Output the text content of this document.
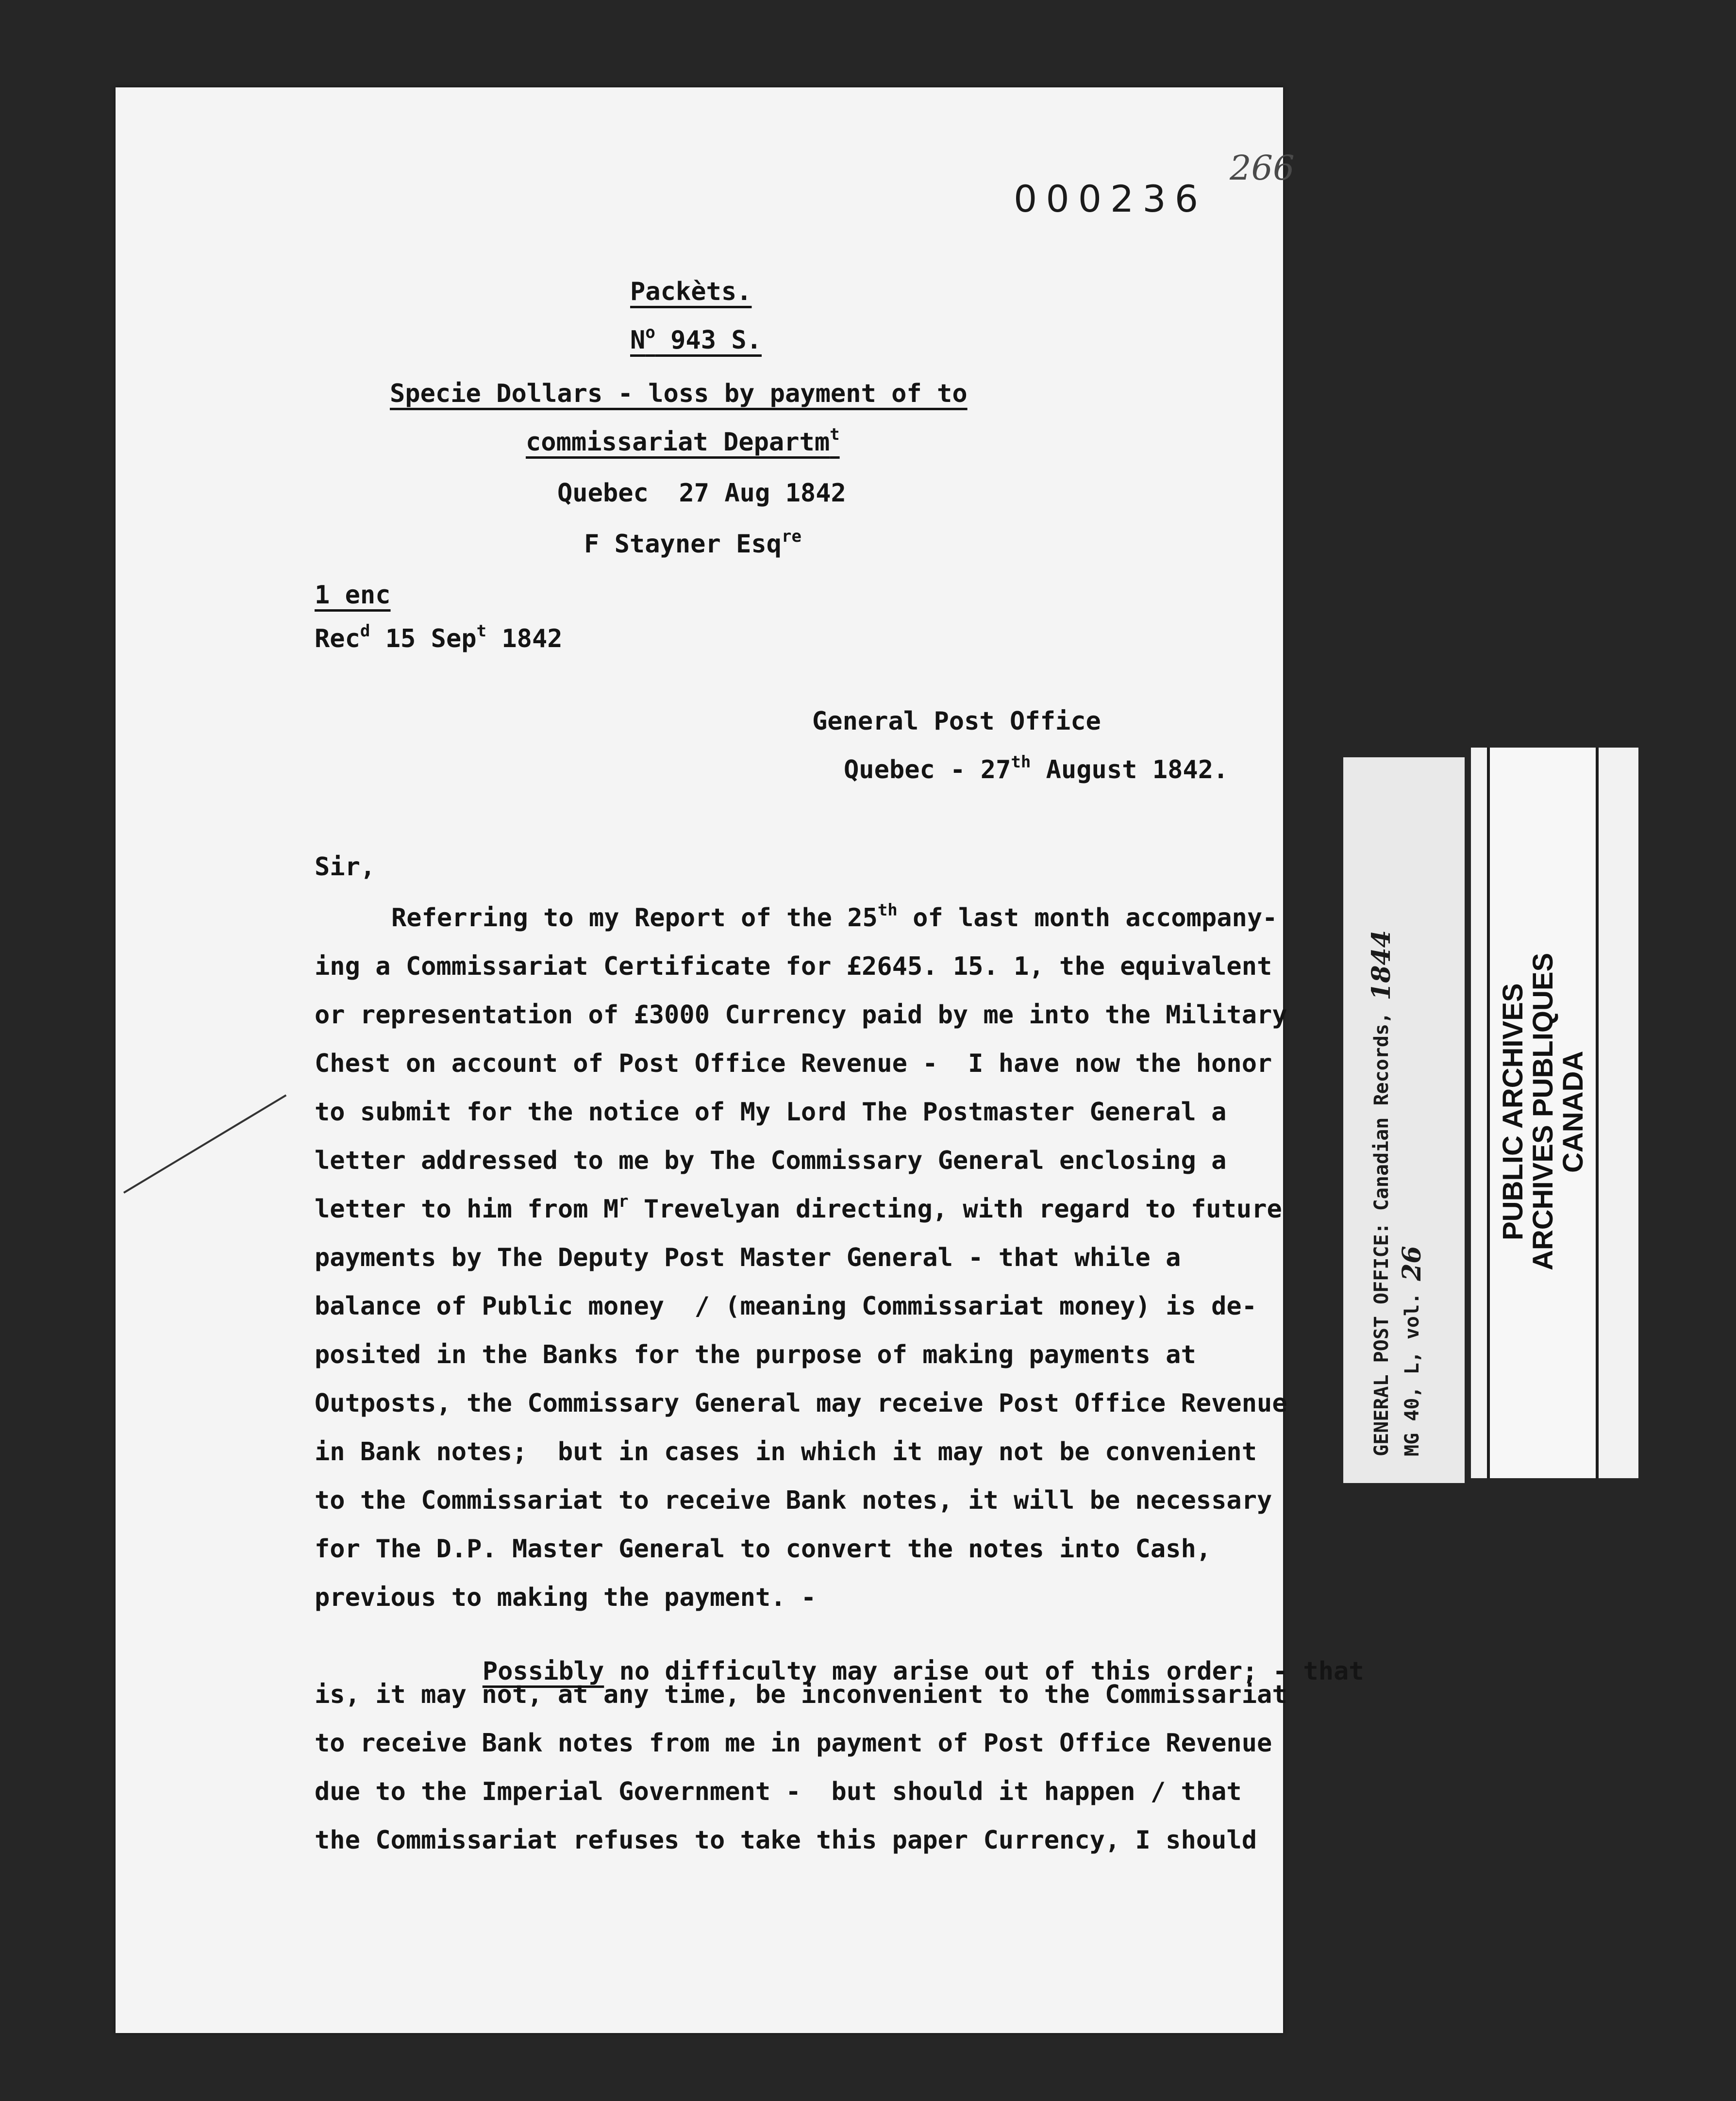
266
000236
Packèts.
$N^o$ 943 S.
Specie Dollars - loss by payment of to
commissariat Departm$^t$
Quebec  27 Aug 1842
F Stayner Esq$^{re}$
1 enc
Rec$^d$ 15 Sep$^t$ 1842
General Post Office
Quebec - 27th August 1842.
Sir,
Referring to my Report of the 25th of last month accompany-
ing a Commissariat Certificate for £2645. 15. 1, the equivalent
or representation of £3000 Currency paid by me into the Military
Chest on account of Post Office Revenue -  I have now the honor
to submit for the notice of My Lord The Postmaster General a
letter addressed to me by The Commissary General enclosing a
letter to him from $M^r$ Trevelyan directing, with regard to future
payments by The Deputy Post Master General - that while a
balance of Public money  / (meaning Commissariat money) is de-
posited in the Banks for the purpose of making payments at
Outposts, the Commissary General may receive Post Office Revenue
in Bank notes;  but in cases in which it may not be convenient
to the Commissariat to receive Bank notes, it will be necessary
for The D.P. Master General to convert the notes into Cash,
previous to making the payment. -

Possibly no difficulty may arise out of this order; - that

is, it may not, at any time, be inconvenient to the Commissariat
to receive Bank notes from me in payment of Post Office Revenue
due to the Imperial Government -  but should it happen / that
the Commissariat refuses to take this paper Currency, I should
GENERAL POST OFFICE: Canadian Records, 1844
MG 40, L, vol. 26
PUBLIC ARCHIVES
ARCHIVES PUBLIQUES
CANADA
